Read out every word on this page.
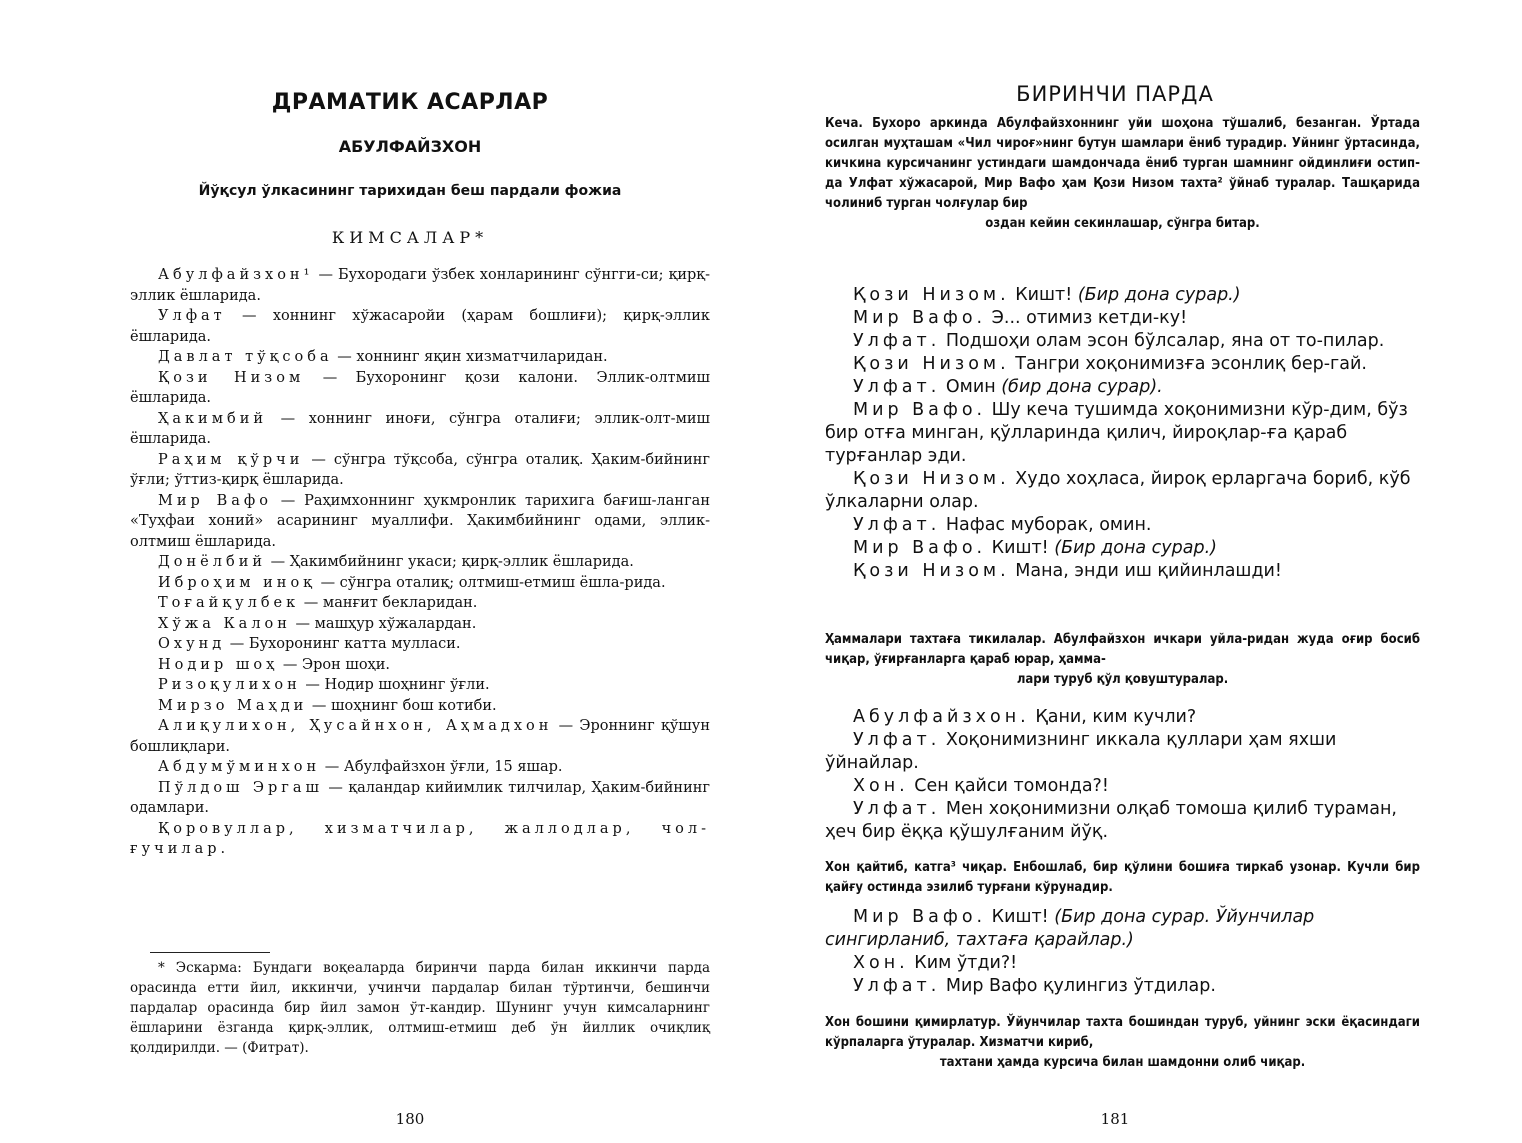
ДРАМАТИК АСАРЛАР
АБУЛФАЙЗХОН
Йўқсул ўлкасининг тарихидан беш пардали фожиа
КИМСАЛАР*

Абулфайзхон¹ — Бухородаги ўзбек хонларининг сўнгги-си; қирқ-эллик ёшларида.

Улфат — хоннинг хўжасаройи (ҳарам бошлиғи); қирқ-эллик ёшларида.

Давлат тўқсоба — хоннинг яқин хизматчиларидан.

Қози Низом — Бухоронинг қози калони. Эллик-олтмиш ёшларида.

Ҳакимбий — хоннинг иноғи, сўнгра оталиғи; эллик-олт-миш ёшларида.

Раҳим қўрчи — сўнгра тўқсоба, сўнгра оталиқ. Ҳаким-бийнинг ўғли; ўттиз-қирқ ёшларида.

Мир Вафо — Раҳимхоннинг ҳукмронлик тарихига бағиш-ланган «Туҳфаи хоний» асарининг муаллифи. Ҳакимбийнинг одами, эллик-олтмиш ёшларида.

Донёлбий — Ҳакимбийнинг укаси; қирқ-эллик ёшларида.

Иброҳим иноқ — сўнгра оталиқ; олтмиш-етмиш ёшла-рида.

Тоғайқулбек — манғит бекларидан.

Хўжа Калон — машҳур хўжалардан.

Охунд — Бухоронинг катта мулласи.

Нодир шоҳ — Эрон шоҳи.

Ризоқулихон — Нодир шоҳнинг ўғли.

Мирзо Маҳди — шоҳнинг бош котиби.

Алиқулихон, Ҳусайнхон, Аҳмадхон — Эроннинг қўшун бошлиқлари.

Абдумўминхон — Абулфайзхон ўғли, 15 яшар.

Пўлдош Эргаш — қаландар кийимлик тилчилар, Ҳаким-бийнинг одамлари.

Қоровуллар, хизматчилар, жаллодлар, чол-ғучилар.

* Эскарма: Бундаги воқеаларда биринчи парда билан иккинчи парда орасинда етти йил, иккинчи, учинчи пардалар билан тўртинчи, бешинчи пардалар орасинда бир йил замон ўт-кандир. Шунинг учун кимсаларнинг ёшларини ёзганда қирқ-эллик, олтмиш-етмиш деб ўн йиллик очиқлиқ қолдирилди. — (Фитрат).
180
БИРИНЧИ ПАРДА
Кеча. Бухоро аркинда Абулфайзхоннинг уйи шоҳона тўшалиб, безанган. Ўртада осилган муҳташам «Чил чироғ»нинг бутун шамлари ёниб турадир. Уйнинг ўртасинда, кичкина курсичанинг устиндаги шамдончада ёниб турган шамнинг ойдинлиғи остип-да Улфат хўжасарой, Мир Вафо ҳам Қози Низом тахта² ўйнаб туралар. Ташқарида чолиниб турган чолғулар бир
оздан кейин секинлашар, сўнгра битар.

Қози Низом. Кишт! (Бир дона сурар.)

Мир Вафо. Э... отимиз кетди-ку!

Улфат. Подшоҳи олам эсон бўлсалар, яна от то-пилар.

Қози Низом. Тангри хоқонимизға эсонлиқ бер-гай.

Улфат. Омин (бир дона сурар).

Мир Вафо. Шу кеча тушимда хоқонимизни кўр-дим, бўз бир отға минган, қўлларинда қилич, йироқлар-ға қараб турғанлар эди.

Қози Низом. Худо хоҳласа, йироқ ерларгача бориб, кўб ўлкаларни олар.

Улфат. Нафас муборак, омин.

Мир Вафо. Кишт! (Бир дона сурар.)

Қози Низом. Мана, энди иш қийинлашди!

Ҳаммалари тахтаға тикилалар. Абулфайзхон ичкари уйла-ридан жуда оғир босиб чиқар, ўғирғанларга қараб юрар, ҳамма-
лари туруб қўл қовуштуралар.

Абулфайзхон. Қани, ким кучли?

Улфат. Хоқонимизнинг иккала қуллари ҳам яхши ўйнайлар.

Хон. Сен қайси томонда?!

Улфат. Мен хоқонимизни олқаб томоша қилиб тураман, ҳеч бир ёққа қўшулғаним йўқ.

Хон қайтиб, катга³ чиқар. Енбошлаб, бир қўлини бошиға тиркаб узонар. Кучли бир қайғу остинда эзилиб турғани кўрунадир.

Мир Вафо. Кишт! (Бир дона сурар. Ўйунчилар сингирланиб, тахтаға қарайлар.)

Хон. Ким ўтди?!

Улфат. Мир Вафо қулингиз ўтдилар.

Хон бошини қимирлатур. Ўйунчилар тахта бошиндан туруб, уйнинг эски ёқасиндаги кўрпаларга ўтуралар. Хизматчи кириб,
тахтани ҳамда курсича билан шамдонни олиб чиқар.
181
